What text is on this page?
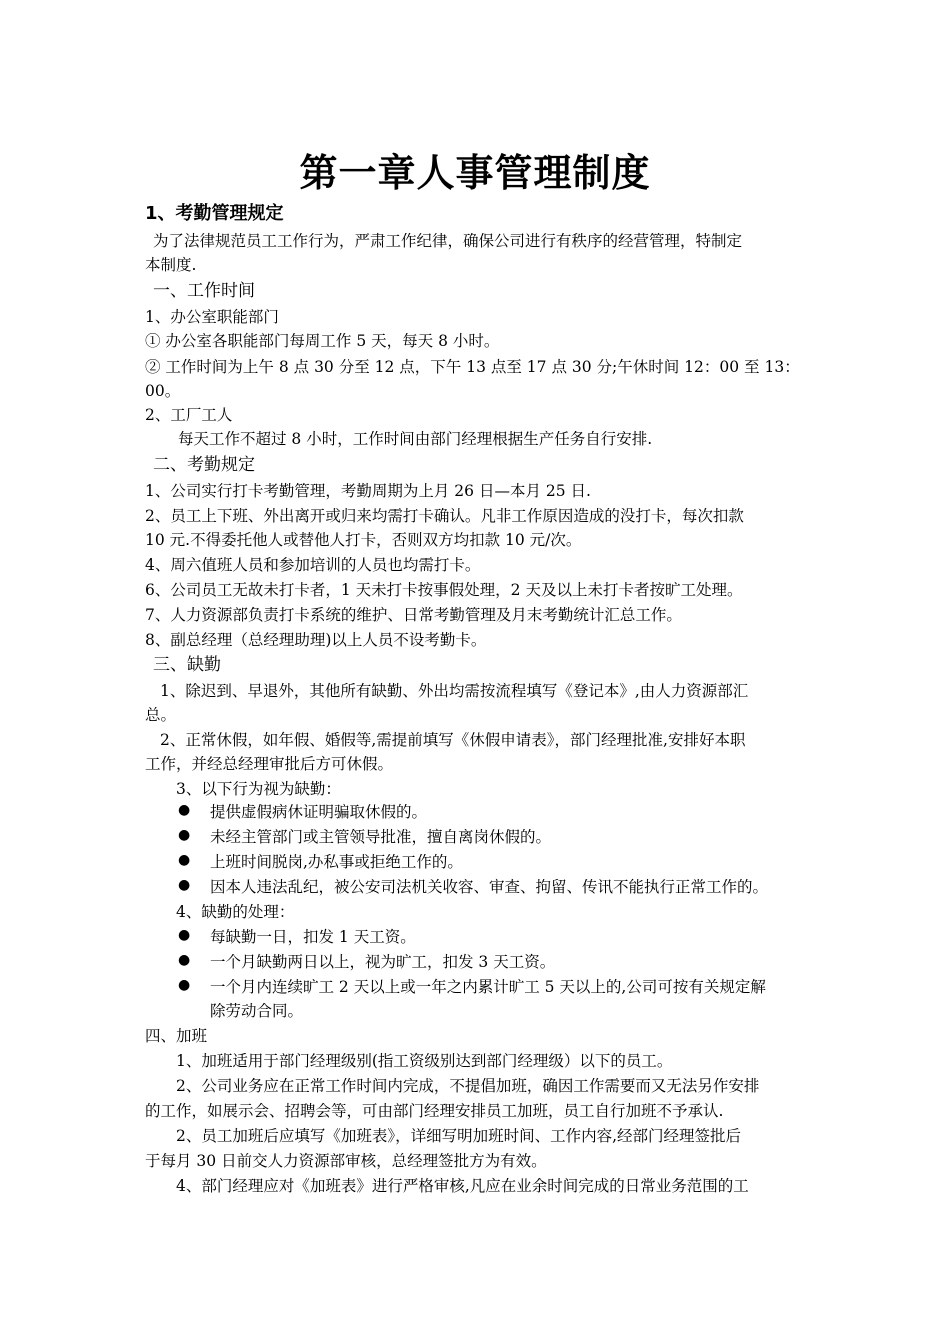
第一章人事管理制度
1、考勤管理规定
为了法律规范员工工作行为，严肃工作纪律，确保公司进行有秩序的经营管理，特制定
本制度.
一、工作时间
1、办公室职能部门
① 办公室各职能部门每周工作 5 天，每天 8 小时。
② 工作时间为上午 8 点 30 分至 12 点，下午 13 点至 17 点 30 分;午休时间 12：00 至 13：
00。
2、工厂工人
每天工作不超过 8 小时，工作时间由部门经理根据生产任务自行安排.
二、考勤规定
1、公司实行打卡考勤管理，考勤周期为上月 26 日—本月 25 日.
2、员工上下班、外出离开或归来均需打卡确认。凡非工作原因造成的没打卡，每次扣款
10 元.不得委托他人或替他人打卡，否则双方均扣款 10 元/次。
4、周六值班人员和参加培训的人员也均需打卡。
6、公司员工无故未打卡者，1 天未打卡按事假处理，2 天及以上未打卡者按旷工处理。
7、人力资源部负责打卡系统的维护、日常考勤管理及月末考勤统计汇总工作。
8、副总经理（总经理助理)以上人员不设考勤卡。
三、缺勤
1、除迟到、早退外，其他所有缺勤、外出均需按流程填写《登记本》,由人力资源部汇
总。
2、正常休假，如年假、婚假等,需提前填写《休假申请表》，部门经理批准,安排好本职
工作，并经总经理审批后方可休假。
3、以下行为视为缺勤：
● 提供虚假病休证明骗取休假的。
● 未经主管部门或主管领导批准，擅自离岗休假的。
● 上班时间脱岗,办私事或拒绝工作的。
● 因本人违法乱纪，被公安司法机关收容、审查、拘留、传讯不能执行正常工作的。
4、缺勤的处理：
● 每缺勤一日，扣发 1 天工资。
● 一个月缺勤两日以上，视为旷工，扣发 3 天工资。
● 一个月内连续旷工 2 天以上或一年之内累计旷工 5 天以上的,公司可按有关规定解
除劳动合同。
四、加班
1、加班适用于部门经理级别(指工资级别达到部门经理级）以下的员工。
2、公司业务应在正常工作时间内完成，不提倡加班，确因工作需要而又无法另作安排
的工作，如展示会、招聘会等，可由部门经理安排员工加班，员工自行加班不予承认.
2、员工加班后应填写《加班表》，详细写明加班时间、工作内容,经部门经理签批后
于每月 30 日前交人力资源部审核，总经理签批方为有效。
4、部门经理应对《加班表》进行严格审核,凡应在业余时间完成的日常业务范围的工
